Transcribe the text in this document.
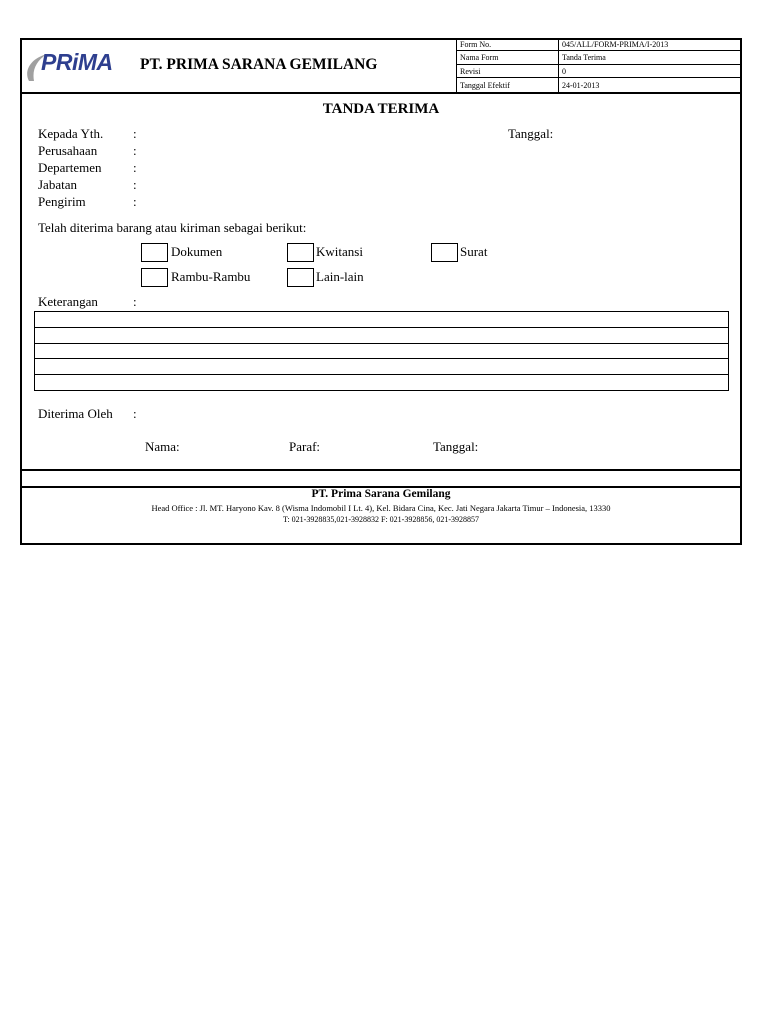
PRiMA PT. PRIMA SARANA GEMILANG
Form No.	045/ALL/FORM-PRIMA/I-2013
Nama Form	Tanda Terima
Revisi	0
Tanggal Efektif	24-01-2013
TANDA TERIMA
Kepada Yth. :	Tanggal:
Perusahaan	:
Departemen :
Jabatan	:
Pengirim	:
Telah diterima barang atau kiriman sebagai berikut:
Dokumen	Kwitansi	Surat
Rambu-Rambu	Lain-lain
Keterangan	:
Diterima Oleh :
Nama:	Paraf:	Tanggal:
PT. Prima Sarana Gemilang
Head Office : Jl. MT. Haryono Kav. 8 (Wisma Indomobil I Lt. 4), Kel. Bidara Cina, Kec. Jati Negara Jakarta Timur – Indonesia, 13330
T: 021-3928835,021-3928832 F: 021-3928856, 021-3928857
